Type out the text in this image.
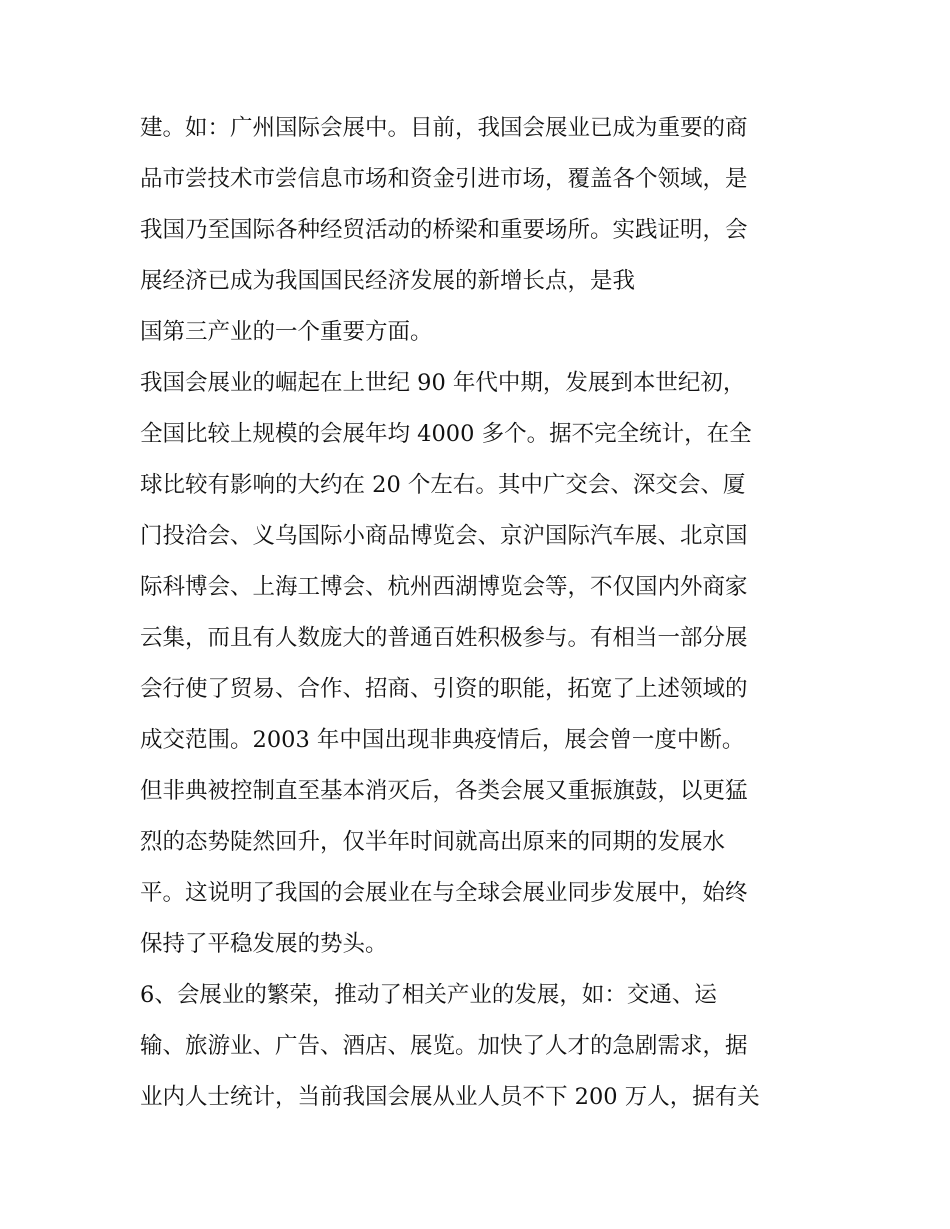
建。如：广州国际会展中。目前，我国会展业已成为重要的商
品市尝技术市尝信息市场和资金引进市场，覆盖各个领域，是
我国乃至国际各种经贸活动的桥梁和重要场所。实践证明，会
展经济已成为我国国民经济发展的新增长点，是我
国第三产业的一个重要方面。
我国会展业的崛起在上世纪 90 年代中期，发展到本世纪初，
全国比较上规模的会展年均 4000 多个。据不完全统计，在全
球比较有影响的大约在 20 个左右。其中广交会、深交会、厦
门投洽会、义乌国际小商品博览会、京沪国际汽车展、北京国
际科博会、上海工博会、杭州西湖博览会等，不仅国内外商家
云集，而且有人数庞大的普通百姓积极参与。有相当一部分展
会行使了贸易、合作、招商、引资的职能，拓宽了上述领域的
成交范围。2003 年中国出现非典疫情后，展会曾一度中断。
但非典被控制直至基本消灭后，各类会展又重振旗鼓，以更猛
烈的态势陡然回升，仅半年时间就高出原来的同期的发展水
平。这说明了我国的会展业在与全球会展业同步发展中，始终
保持了平稳发展的势头。
6、会展业的繁荣，推动了相关产业的发展，如：交通、运
输、旅游业、广告、酒店、展览。加快了人才的急剧需求，据
业内人士统计，当前我国会展从业人员不下 200 万人，据有关
